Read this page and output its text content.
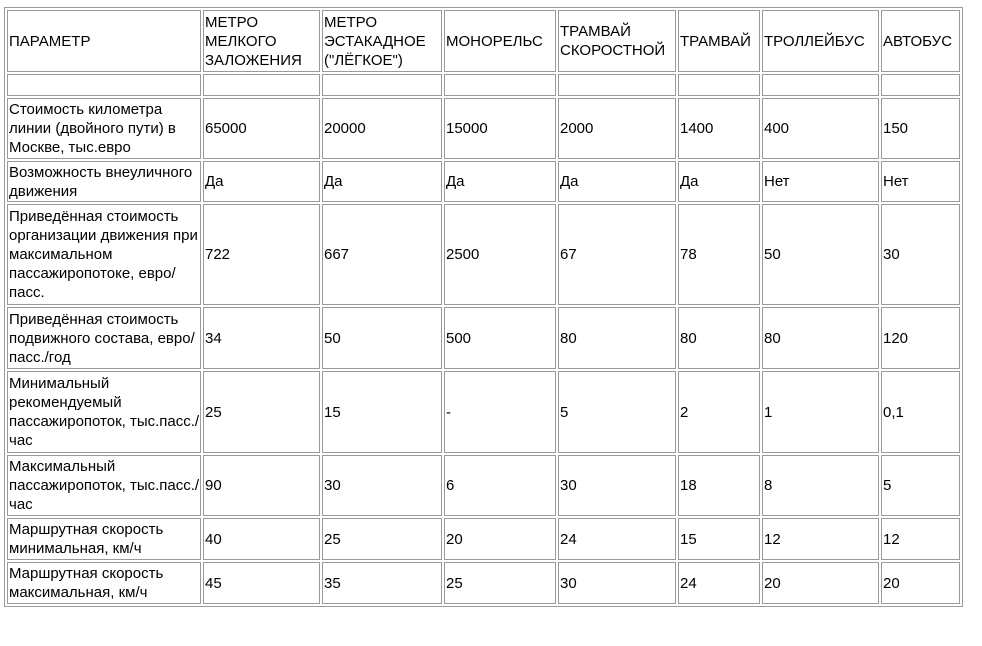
ПАРАМЕТР	МЕТРО МЕЛКОГО ЗАЛОЖЕНИЯ	МЕТРО ЭСТАКАДНОЕ ("ЛЁГКОЕ")	МОНОРЕЛЬС	ТРАМВАЙ СКОРОСТНОЙ	ТРАМВАЙ	ТРОЛЛЕЙБУС	АВТОБУС

Стоимость километра линии (двойного пути) в Москве, тыс.евро	65000	20000	15000	2000	1400	400	150
Возможность внеуличного движения	Да	Да	Да	Да	Да	Нет	Нет
Приведённая стоимость организации движения при максимальном пассажиропотоке, евро/пасс.	722	667	2500	67	78	50	30
Приведённая стоимость подвижного состава, евро/пасс./год	34	50	500	80	80	80	120
Минимальный рекомендуемый пассажиропоток, тыс.пасс./час	25	15	-	5	2	1	0,1
Максимальный пассажиропоток, тыс.пасс./час	90	30	6	30	18	8	5
Маршрутная скорость минимальная, км/ч	40	25	20	24	15	12	12
Маршрутная скорость максимальная, км/ч	45	35	25	30	24	20	20
